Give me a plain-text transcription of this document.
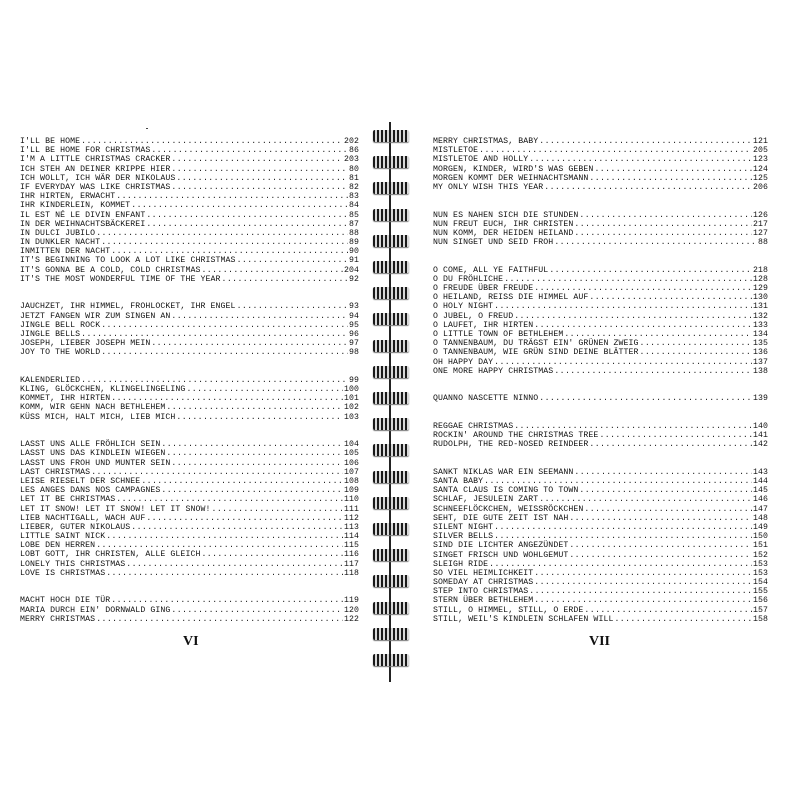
I'LL BE HOME .....	202
I'LL BE HOME FOR CHRISTMAS .....	86
I'M A LITTLE CHRISTMAS CRACKER .....	203
ICH STEH AN DEINER KRIPPE HIER .....	80
ICH WOLLT, ICH WÄR DER NIKOLAUS .....	81
IF EVERYDAY WAS LIKE CHRISTMAS .....	82
IHR HIRTEN, ERWACHT .....	83
IHR KINDERLEIN, KOMMET .....	84
IL EST NÉ LE DIVIN ENFANT .....	85
IN DER WEIHNACHTSBÄCKEREI .....	87
IN DULCI JUBILO .....	88
IN DUNKLER NACHT .....	89
INMITTEN DER NACHT .....	90
IT'S BEGINNING TO LOOK A LOT LIKE CHRISTMAS .....	91
IT'S GONNA BE A COLD, COLD CHRISTMAS .....	204
IT'S THE MOST WONDERFUL TIME OF THE YEAR .....	92
JAUCHZET, IHR HIMMEL, FROHLOCKET, IHR ENGEL .....	93
JETZT FANGEN WIR ZUM SINGEN AN .....	94
JINGLE BELL ROCK .....	95
JINGLE BELLS .....	96
JOSEPH, LIEBER JOSEPH MEIN .....	97
JOY TO THE WORLD .....	98
KALENDERLIED .....	99
KLING, GLÖCKCHEN, KLINGELINGELING .....	100
KOMMET, IHR HIRTEN .....	101
KOMM, WIR GEHN NACH BETHLEHEM .....	102
KÜSS MICH, HALT MICH, LIEB MICH .....	103
LASST UNS ALLE FRÖHLICH SEIN .....	104
LASST UNS DAS KINDLEIN WIEGEN .....	105
LASST UNS FROH UND MUNTER SEIN .....	106
LAST CHRISTMAS .....	107
LEISE RIESELT DER SCHNEE .....	108
LES ANGES DANS NOS CAMPAGNES .....	109
LET IT BE CHRISTMAS .....	110
LET IT SNOW! LET IT SNOW! LET IT SNOW! .....	111
LIEB NACHTIGALL, WACH AUF .....	112
LIEBER, GUTER NIKOLAUS .....	113
LITTLE SAINT NICK .....	114
LOBE DEN HERREN .....	115
LOBT GOTT, IHR CHRISTEN, ALLE GLEICH .....	116
LONELY THIS CHRISTMAS .....	117
LOVE IS CHRISTMAS .....	118
MACHT HOCH DIE TÜR .....	119
MARIA DURCH EIN' DORNWALD GING .....	120
MERRY CHRISTMAS .....	122
VI
MERRY CHRISTMAS, BABY .....	121
MISTLETOE .....	205
MISTLETOE AND HOLLY .....	123
MORGEN, KINDER, WIRD'S WAS GEBEN .....	124
MORGEN KOMMT DER WEIHNACHTSMANN .....	125
MY ONLY WISH THIS YEAR .....	206
NUN ES NAHEN SICH DIE STUNDEN .....	126
NUN FREUT EUCH, IHR CHRISTEN .....	217
NUN KOMM, DER HEIDEN HEILAND .....	127
NUN SINGET UND SEID FROH .....	88
O COME, ALL YE FAITHFUL .....	218
O DU FRÖHLICHE .....	128
O FREUDE ÜBER FREUDE .....	129
O HEILAND, REISS DIE HIMMEL AUF .....	130
O HOLY NIGHT .....	131
O JUBEL, O FREUD .....	132
O LAUFET, IHR HIRTEN .....	133
O LITTLE TOWN OF BETHLEHEM .....	134
O TANNENBAUM, DU TRÄGST EIN' GRÜNEN ZWEIG .....	135
O TANNENBAUM, WIE GRÜN SIND DEINE BLÄTTER .....	136
OH HAPPY DAY .....	137
ONE MORE HAPPY CHRISTMAS .....	138
QUANNO NASCETTE NINNO .....	139
REGGAE CHRISTMAS .....	140
ROCKIN' AROUND THE CHRISTMAS TREE .....	141
RUDOLPH, THE RED-NOSED REINDEER .....	142
SANKT NIKLAS WAR EIN SEEMANN .....	143
SANTA BABY .....	144
SANTA CLAUS IS COMING TO TOWN .....	145
SCHLAF, JESULEIN ZART .....	146
SCHNEEFLÖCKCHEN, WEISSRÖCKCHEN .....	147
SEHT, DIE GUTE ZEIT IST NAH .....	148
SILENT NIGHT .....	149
SILVER BELLS .....	150
SIND DIE LICHTER ANGEZÜNDET .....	151
SINGET FRISCH UND WOHLGEMUT .....	152
SLEIGH RIDE .....	153
SO VIEL HEIMLICHKEIT .....	153
SOMEDAY AT CHRISTMAS .....	154
STEP INTO CHRISTMAS .....	155
STERN ÜBER BETHLEHEM .....	156
STILL, O HIMMEL, STILL, O ERDE .....	157
STILL, WEIL'S KINDLEIN SCHLAFEN WILL .....	158
VII
